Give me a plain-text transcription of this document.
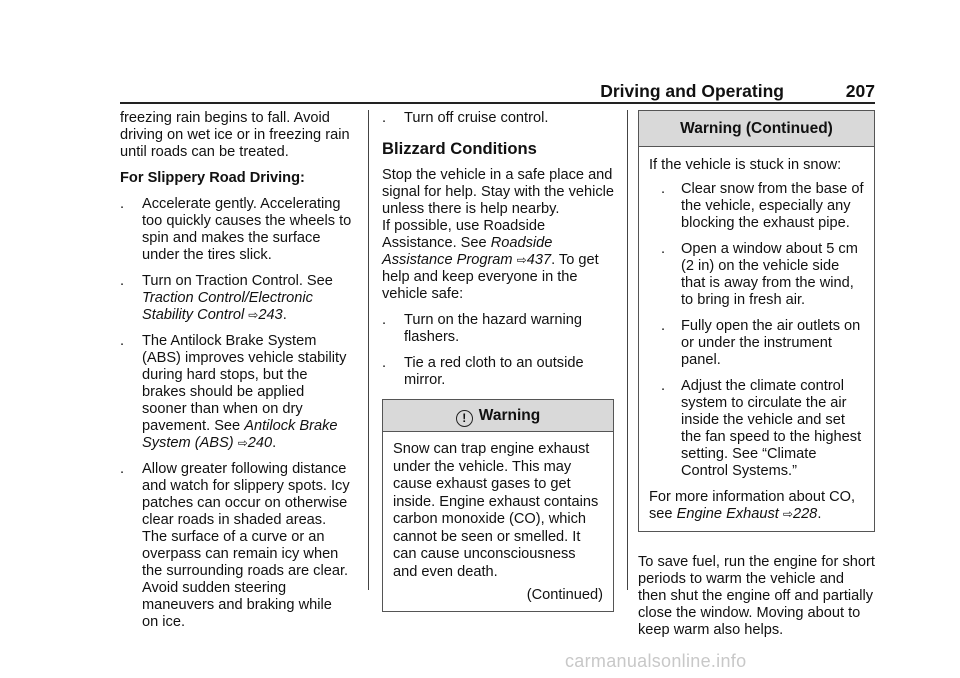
Driving and Operating	207

freezing rain begins to fall. Avoid driving on wet ice or in freezing rain until roads can be treated.

For Slippery Road Driving:

. Accelerate gently. Accelerating too quickly causes the wheels to spin and makes the surface under the tires slick.
. Turn on Traction Control. See Traction Control/Electronic Stability Control ⇨243.
. The Antilock Brake System (ABS) improves vehicle stability during hard stops, but the brakes should be applied sooner than when on dry pavement. See Antilock Brake System (ABS) ⇨240.
. Allow greater following distance and watch for slippery spots. Icy patches can occur on otherwise clear roads in shaded areas. The surface of a curve or an overpass can remain icy when the surrounding roads are clear. Avoid sudden steering maneuvers and braking while on ice.
. Turn off cruise control.
Blizzard Conditions

Stop the vehicle in a safe place and signal for help. Stay with the vehicle unless there is help nearby.

If possible, use Roadside Assistance. See Roadside Assistance Program ⇨437. To get help and keep everyone in the vehicle safe:

. Turn on the hazard warning flashers.
. Tie a red cloth to an outside mirror.
! Warning
Snow can trap engine exhaust under the vehicle. This may cause exhaust gases to get inside. Engine exhaust contains carbon monoxide (CO), which cannot be seen or smelled. It can cause unconsciousness and even death.
(Continued)
Warning (Continued)

If the vehicle is stuck in snow:

. Clear snow from the base of the vehicle, especially any blocking the exhaust pipe.
. Open a window about 5 cm (2 in) on the vehicle side that is away from the wind, to bring in fresh air.
. Fully open the air outlets on or under the instrument panel.
. Adjust the climate control system to circulate the air inside the vehicle and set the fan speed to the highest setting. See “Climate Control Systems.”

For more information about CO, see Engine Exhaust ⇨228.

To save fuel, run the engine for short periods to warm the vehicle and then shut the engine off and partially close the window. Moving about to keep warm also helps.

carmanualsonline.info
